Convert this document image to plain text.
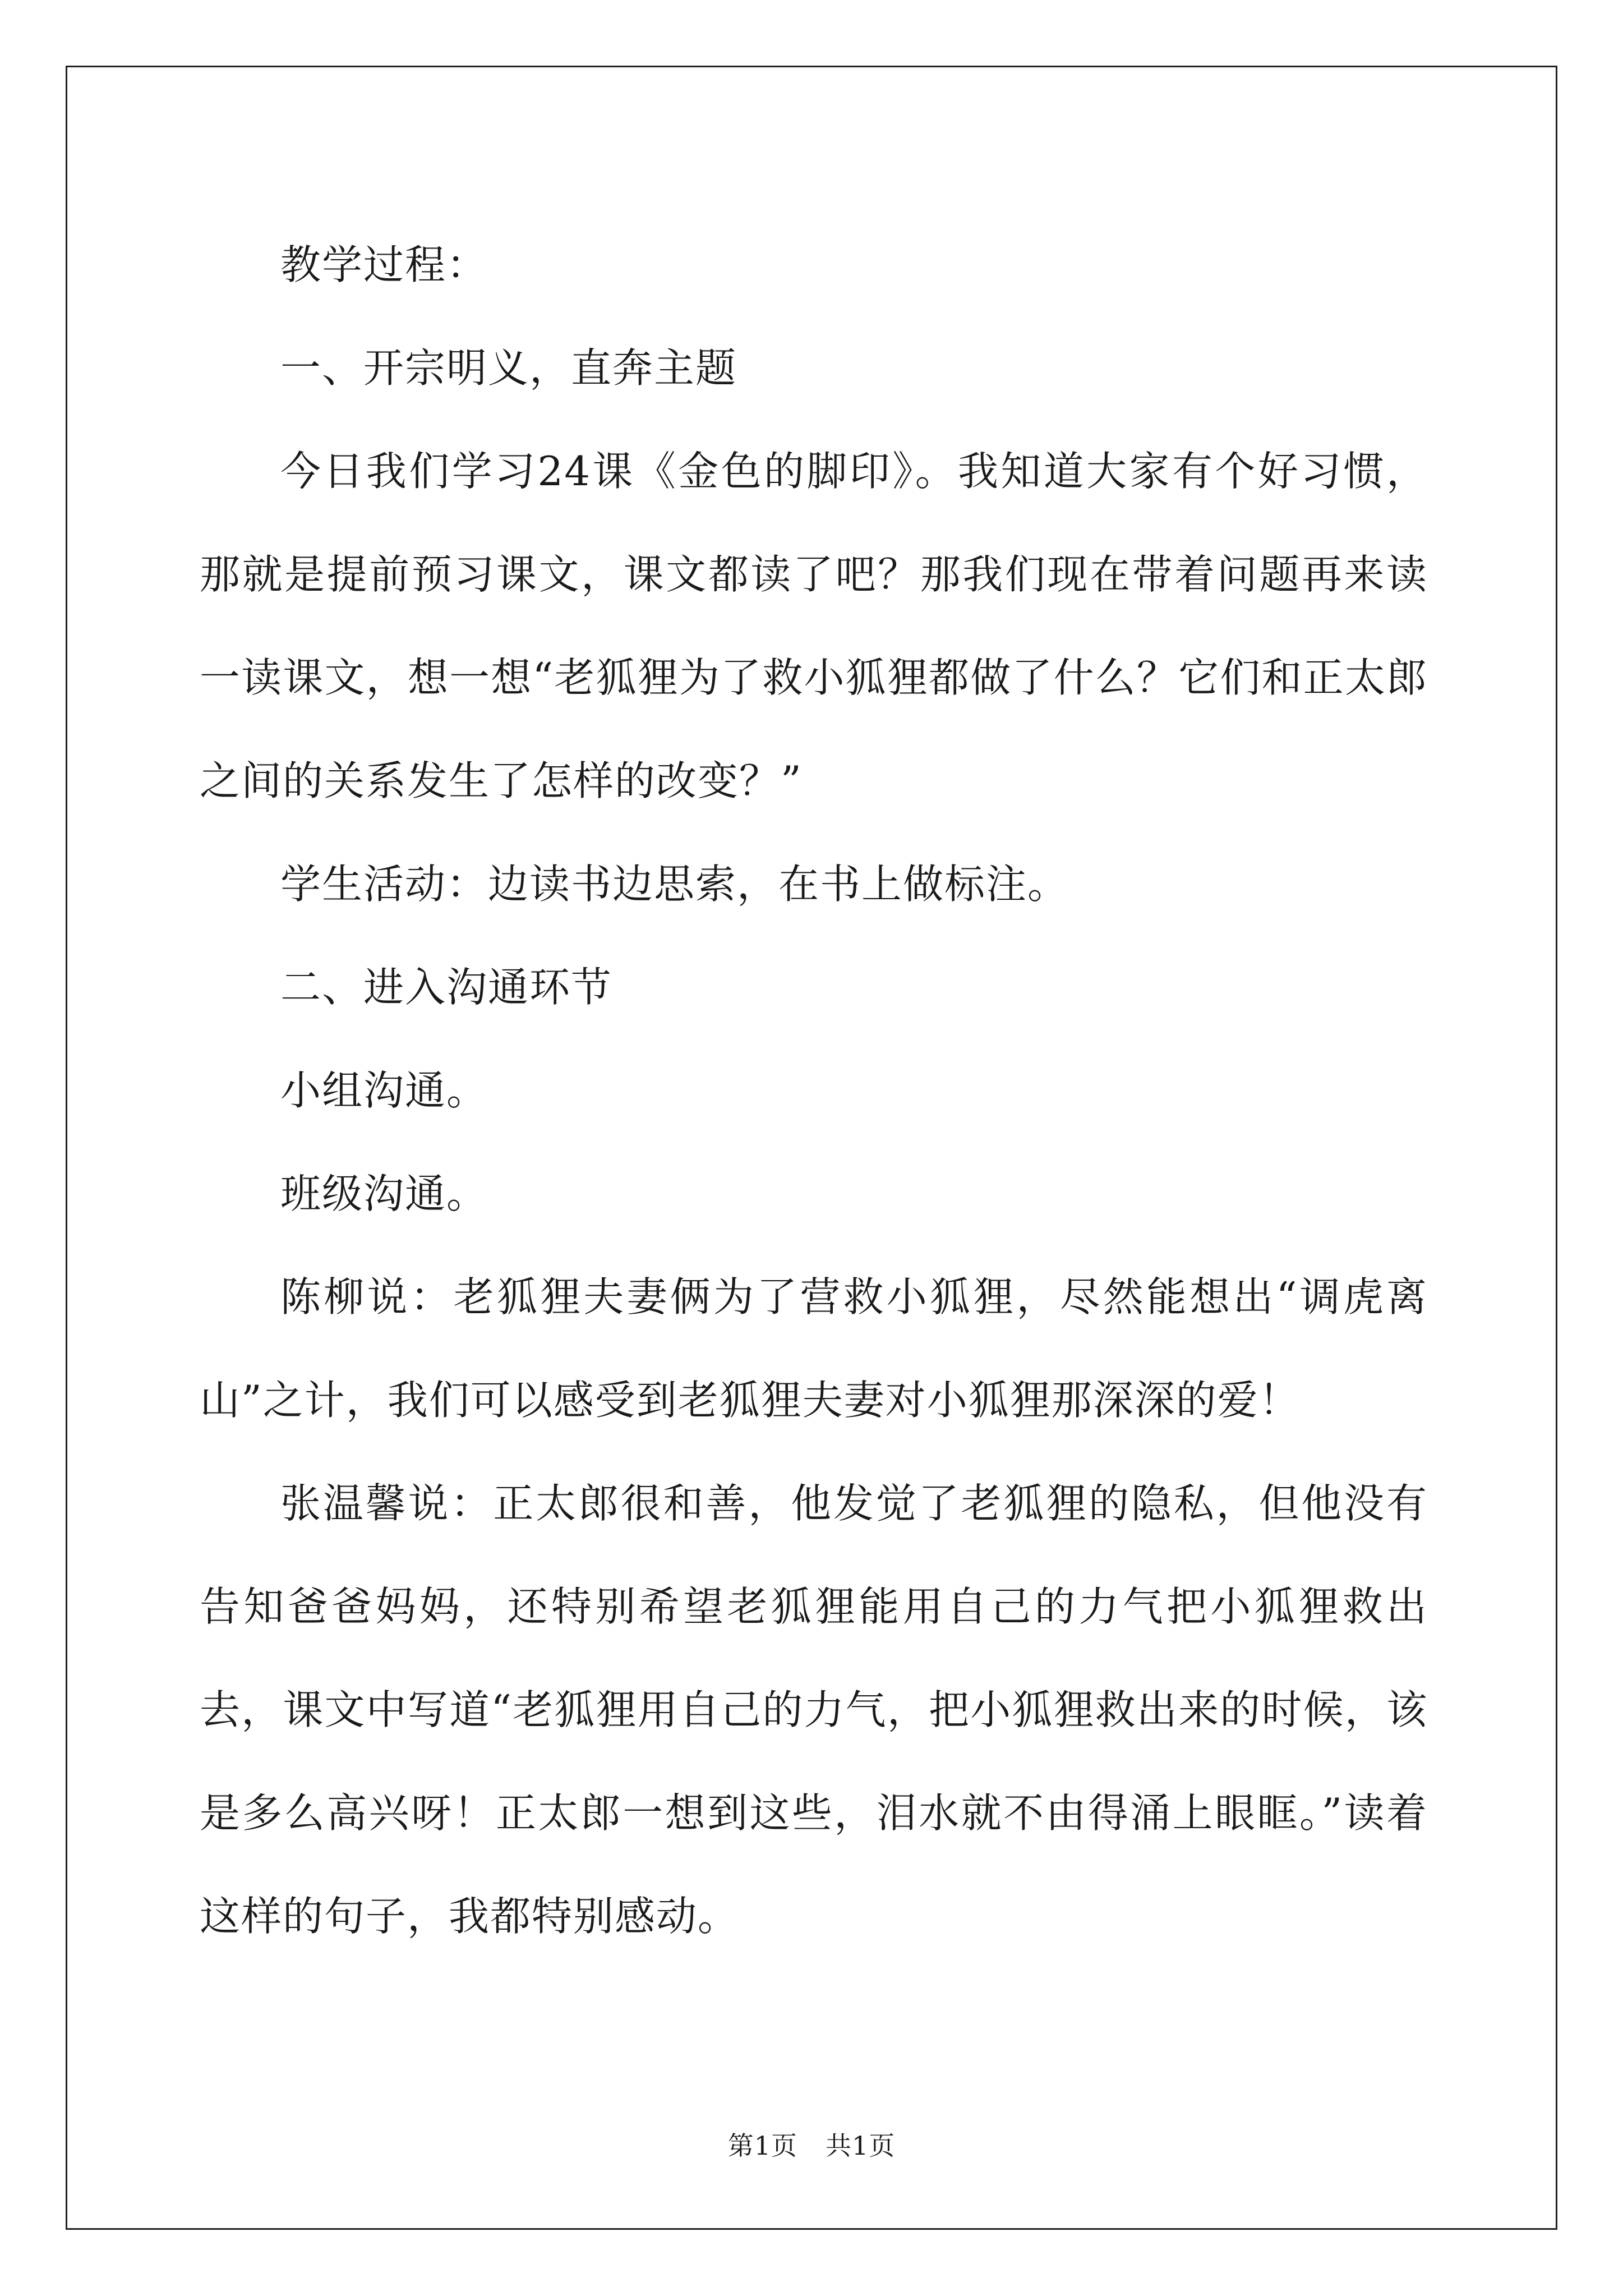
教学过程：

一、开宗明义，直奔主题

今日我们学习24课《金色的脚印》。我知道大家有个好习惯，那就是提前预习课文，课文都读了吧？那我们现在带着问题再来读一读课文，想一想“老狐狸为了救小狐狸都做了什么？它们和正太郎之间的关系发生了怎样的改变？”

学生活动：边读书边思索，在书上做标注。

二、进入沟通环节

小组沟通。

班级沟通。

陈柳说：老狐狸夫妻俩为了营救小狐狸，尽然能想出“调虎离山”之计，我们可以感受到老狐狸夫妻对小狐狸那深深的爱！

张温馨说：正太郎很和善，他发觉了老狐狸的隐私，但他没有告知爸爸妈妈，还特别希望老狐狸能用自己的力气把小狐狸救出去，课文中写道“老狐狸用自己的力气，把小狐狸救出来的时候，该是多么高兴呀！正太郎一想到这些，泪水就不由得涌上眼眶。”读着这样的句子，我都特别感动。

第1页 共1页
